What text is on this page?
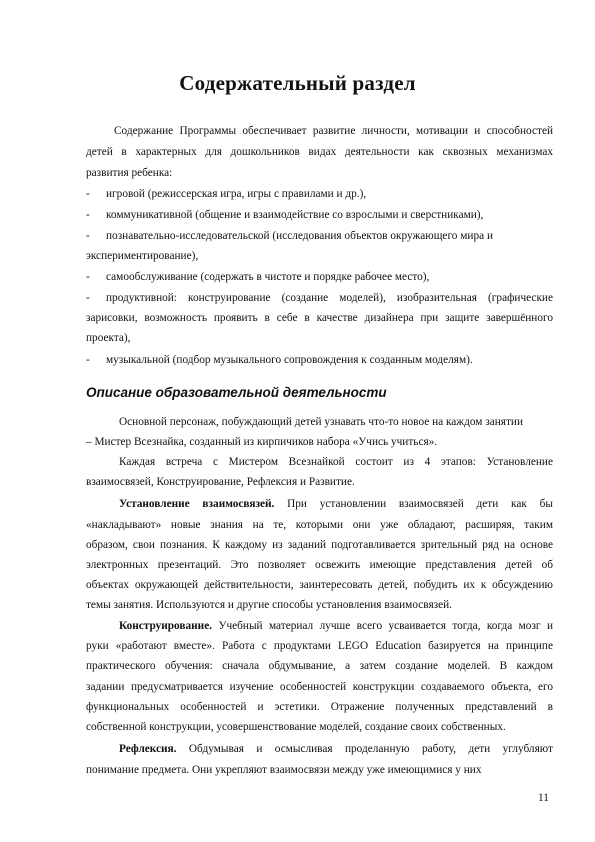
Содержательный раздел
Содержание Программы обеспечивает развитие личности, мотивации и способностей
детей в характерных для дошкольников видах деятельности как сквозных механизмах
развития ребенка:
- игровой (режиссерская игра, игры с правилами и др.),
- коммуникативной (общение и взаимодействие со взрослыми и сверстниками),
- познавательно-исследовательской (исследования объектов окружающего мира и
экспериментирование),
- самообслуживание (содержать в чистоте и порядке рабочее место),
-	продуктивной: конструирование (создание моделей), изобразительная (графические
зарисовки, возможность проявить в себе в качестве дизайнера при защите завершённого
проекта),
- музыкальной (подбор музыкального сопровождения к созданным моделям).
Описание образовательной деятельности
Основной персонаж, побуждающий детей узнавать что-то новое на каждом занятии
– Мистер Всезнайка, созданный из кирпичиков набора «Учись учиться».
Каждая встреча с Мистером Всезнайкой состоит из 4 этапов: Установление
взаимосвязей, Конструирование, Рефлексия и Развитие.
Установление взаимосвязей. При установлении взаимосвязей дети как бы
«накладывают» новые знания на те, которыми они уже обладают, расширяя, таким
образом, свои познания. К каждому из заданий подготавливается зрительный ряд на основе
электронных презентаций. Это позволяет освежить имеющие представления детей об
объектах окружающей действительности, заинтересовать детей, побудить их к обсуждению
темы занятия. Используются и другие способы установления взаимосвязей.
Конструирование. Учебный материал лучше всего усваивается тогда, когда мозг и
руки «работают вместе». Работа с продуктами LEGO Education базируется на принципе
практического обучения: сначала обдумывание, а затем создание моделей. В каждом
задании предусматривается изучение особенностей конструкции создаваемого объекта, его
функциональных особенностей и эстетики. Отражение полученных представлений в
собственной конструкции, усовершенствование моделей, создание своих собственных.
Рефлексия. Обдумывая и осмысливая проделанную работу, дети углубляют
понимание предмета. Они укрепляют взаимосвязи между уже имеющимися у них
11
